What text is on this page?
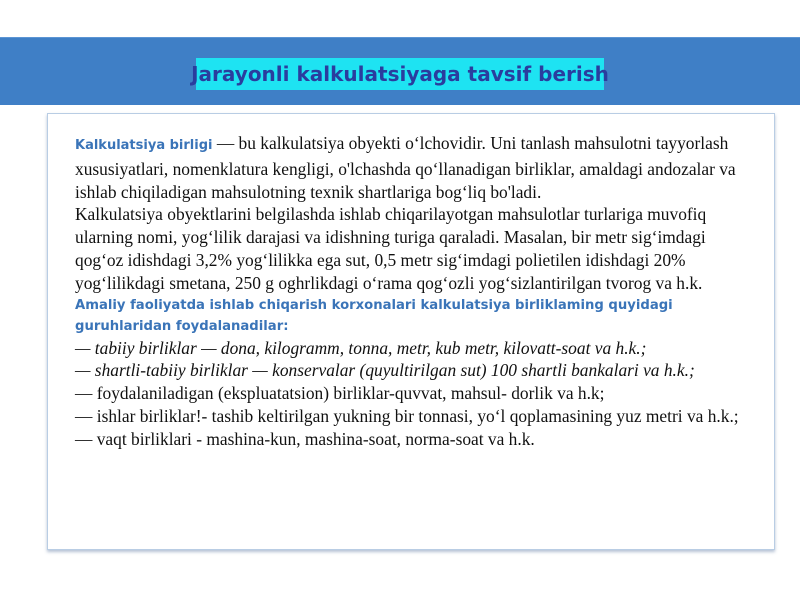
Jarayonli kalkulatsiyaga tavsif berish

Kalkulatsiya birligi — bu kalkulatsiya obyekti o‘lchovidir. Uni tanlash mahsulotni tayyorlash xususiyatlari, nomenklatura kengligi, o'lchashda qo‘llanadigan birliklar, amaldagi andozalar va ishlab chiqiladigan mahsulotning texnik shartlariga bog‘liq bo'ladi.

Kalkulatsiya obyektlarini belgilashda ishlab chiqarilayotgan mahsulotlar turlariga muvofiq ularning nomi, yog‘lilik darajasi va idishning turiga qaraladi. Masalan, bir metr sig‘imdagi qog‘oz idishdagi 3,2% yog‘lilikka ega sut, 0,5 metr sig‘imdagi polietilen idishdagi 20% yog‘lilikdagi smetana, 250 g oghrlikdagi o‘rama qog‘ozli yog‘sizlantirilgan tvorog va h.k.

Amaliy faoliyatda ishlab chiqarish korxonalari kalkulatsiya birliklaming quyidagi guruhlaridan foydalanadilar:

— tabiiy birliklar — dona, kilogramm, tonna, metr, kub metr, kilovatt-soat va h.k.;

— shartli-tabiiy birliklar — konservalar (quyultirilgan sut) 100 shartli bankalari va h.k.;

— foydalaniladigan (ekspluatatsion) birliklar-quvvat, mahsul- dorlik va h.k;

— ishlar birliklar!- tashib keltirilgan yukning bir tonnasi, yo‘l qoplamasining yuz metri va h.k.;

— vaqt birliklari - mashina-kun, mashina-soat, norma-soat va h.k.
